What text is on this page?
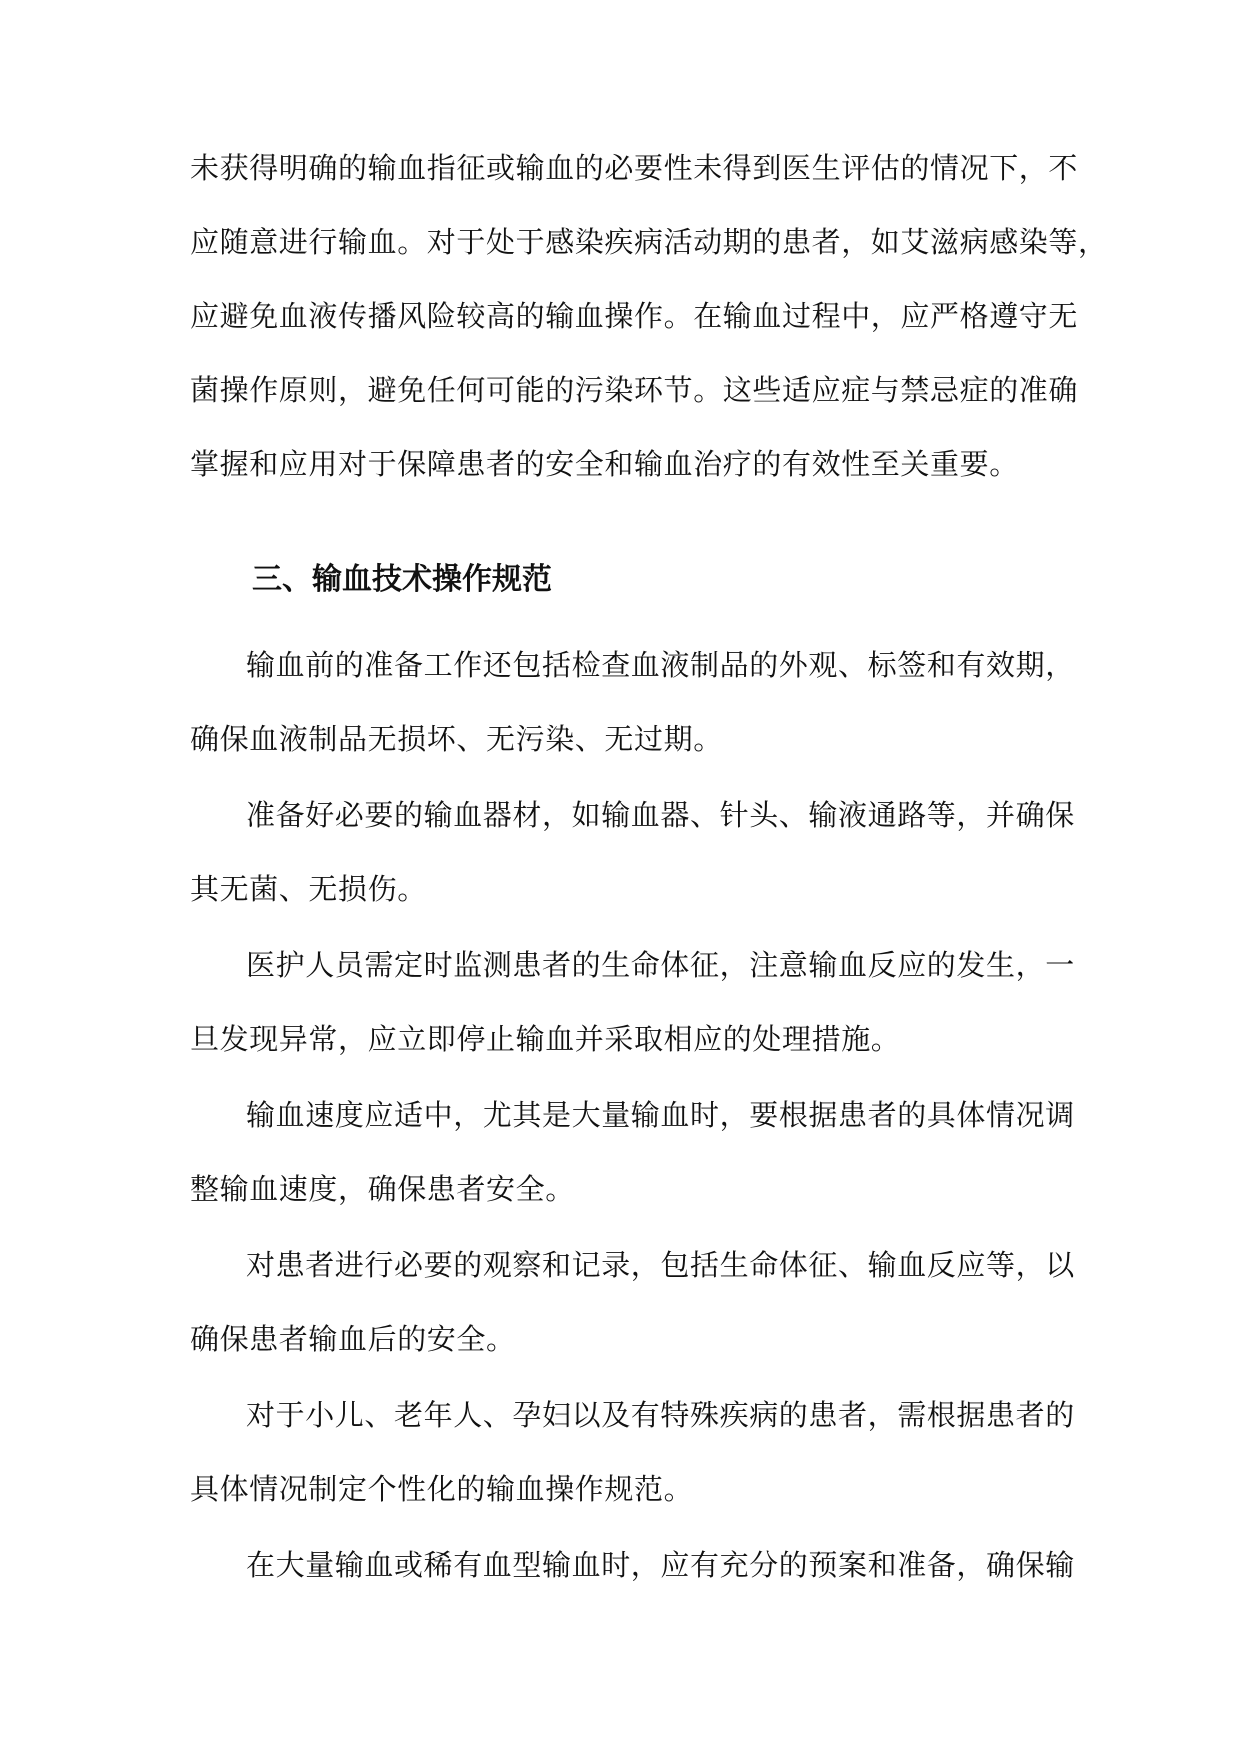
未获得明确的输血指征或输血的必要性未得到医生评估的情况下，不
应随意进行输血。对于处于感染疾病活动期的患者，如艾滋病感染等，
应避免血液传播风险较高的输血操作。在输血过程中，应严格遵守无
菌操作原则，避免任何可能的污染环节。这些适应症与禁忌症的准确
掌握和应用对于保障患者的安全和输血治疗的有效性至关重要。
三、输血技术操作规范
输血前的准备工作还包括检查血液制品的外观、标签和有效期，
确保血液制品无损坏、无污染、无过期。
准备好必要的输血器材，如输血器、针头、输液通路等，并确保
其无菌、无损伤。
医护人员需定时监测患者的生命体征，注意输血反应的发生，一
旦发现异常，应立即停止输血并采取相应的处理措施。
输血速度应适中，尤其是大量输血时，要根据患者的具体情况调
整输血速度，确保患者安全。
对患者进行必要的观察和记录，包括生命体征、输血反应等，以
确保患者输血后的安全。
对于小儿、老年人、孕妇以及有特殊疾病的患者，需根据患者的
具体情况制定个性化的输血操作规范。
在大量输血或稀有血型输血时，应有充分的预案和准备，确保输
